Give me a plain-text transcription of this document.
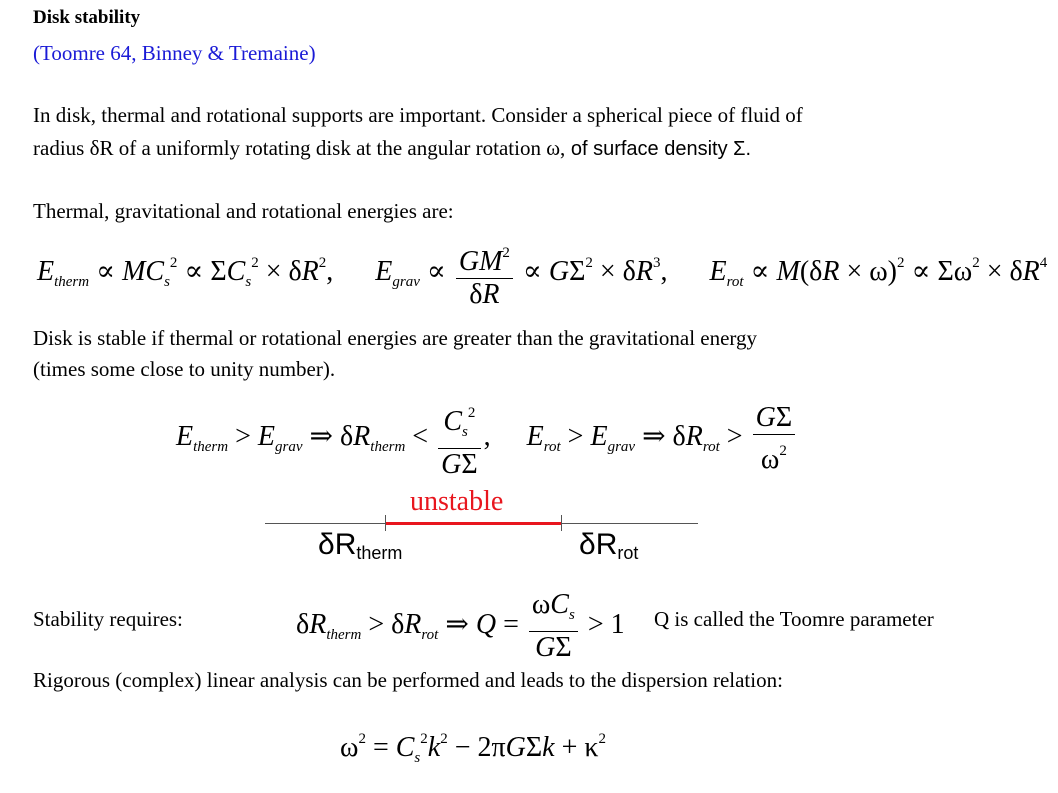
Disk stability
(Toomre 64, Binney & Tremaine)
In disk, thermal and rotational supports are important. Consider a spherical piece of fluid of
radius δR of a uniformly rotating disk at the angular rotation ω, of surface density Σ.
Thermal, gravitational and rotational energies are:
$E_{therm} \propto MC_s^2 \propto \Sigma C_s^2 \times \delta R^2$, $E_{grav} \propto \frac{GM^2}{\delta R} \propto G\Sigma^2 \times \delta R^3$, $E_{rot} \propto M(\delta R \times \omega)^2 \propto \Sigma\omega^2 \times \delta R^4$
Disk is stable if thermal or rotational energies are greater than the gravitational energy
(times some close to unity number).
$E_{therm} > E_{grav}$ ⇒ $\delta R_{therm} < \frac{C_s^2}{G\Sigma}$ , $E_{rot} > E_{grav}$ ⇒ $\delta R_{rot} > \frac{G\Sigma}{\omega^2}$
unstable
$\delta R_{therm}$	$\delta R_{rot}$
Stability requires:	$\delta R_{therm} > \delta R_{rot}$ ⇒ $Q = \frac{\omega C_s}{G\Sigma} > 1$ Q is called the Toomre parameter
Rigorous (complex) linear analysis can be performed and leads to the dispersion relation:
$\omega^2 = C_s^2k^2 - 2\pi G\Sigma k + \kappa^2$
